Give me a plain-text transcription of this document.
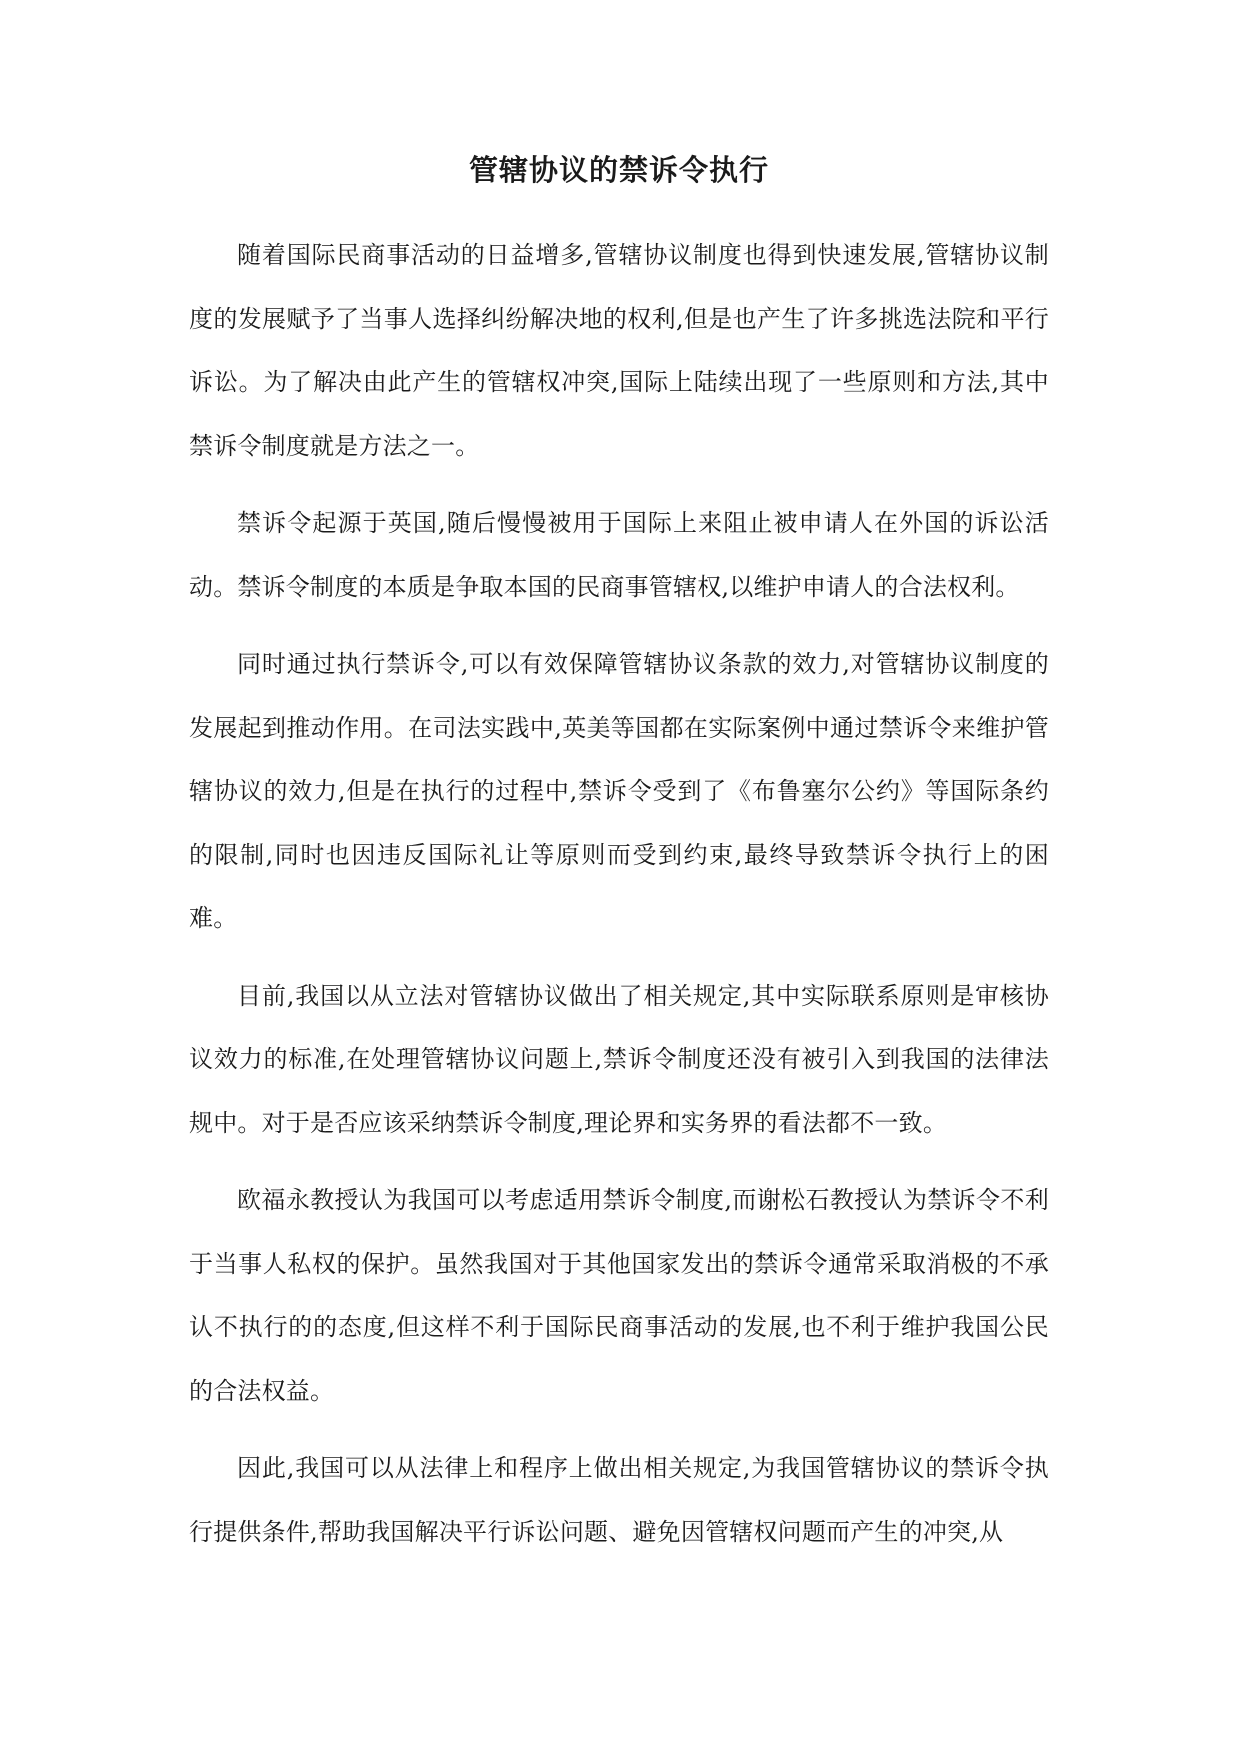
管辖协议的禁诉令执行

随着国际民商事活动的日益增多,管辖协议制度也得到快速发展,管辖协议制度的发展赋予了当事人选择纠纷解决地的权利,但是也产生了许多挑选法院和平行诉讼。为了解决由此产生的管辖权冲突,国际上陆续出现了一些原则和方法,其中禁诉令制度就是方法之一。

禁诉令起源于英国,随后慢慢被用于国际上来阻止被申请人在外国的诉讼活动。禁诉令制度的本质是争取本国的民商事管辖权,以维护申请人的合法权利。

同时通过执行禁诉令,可以有效保障管辖协议条款的效力,对管辖协议制度的发展起到推动作用。在司法实践中,英美等国都在实际案例中通过禁诉令来维护管辖协议的效力,但是在执行的过程中,禁诉令受到了《布鲁塞尔公约》等国际条约的限制,同时也因违反国际礼让等原则而受到约束,最终导致禁诉令执行上的困难。

目前,我国以从立法对管辖协议做出了相关规定,其中实际联系原则是审核协议效力的标准,在处理管辖协议问题上,禁诉令制度还没有被引入到我国的法律法规中。对于是否应该采纳禁诉令制度,理论界和实务界的看法都不一致。

欧福永教授认为我国可以考虑适用禁诉令制度,而谢松石教授认为禁诉令不利于当事人私权的保护。虽然我国对于其他国家发出的禁诉令通常采取消极的不承认不执行的的态度,但这样不利于国际民商事活动的发展,也不利于维护我国公民的合法权益。

因此,我国可以从法律上和程序上做出相关规定,为我国管辖协议的禁诉令执行提供条件,帮助我国解决平行诉讼问题、避免因管辖权问题而产生的冲突,从
